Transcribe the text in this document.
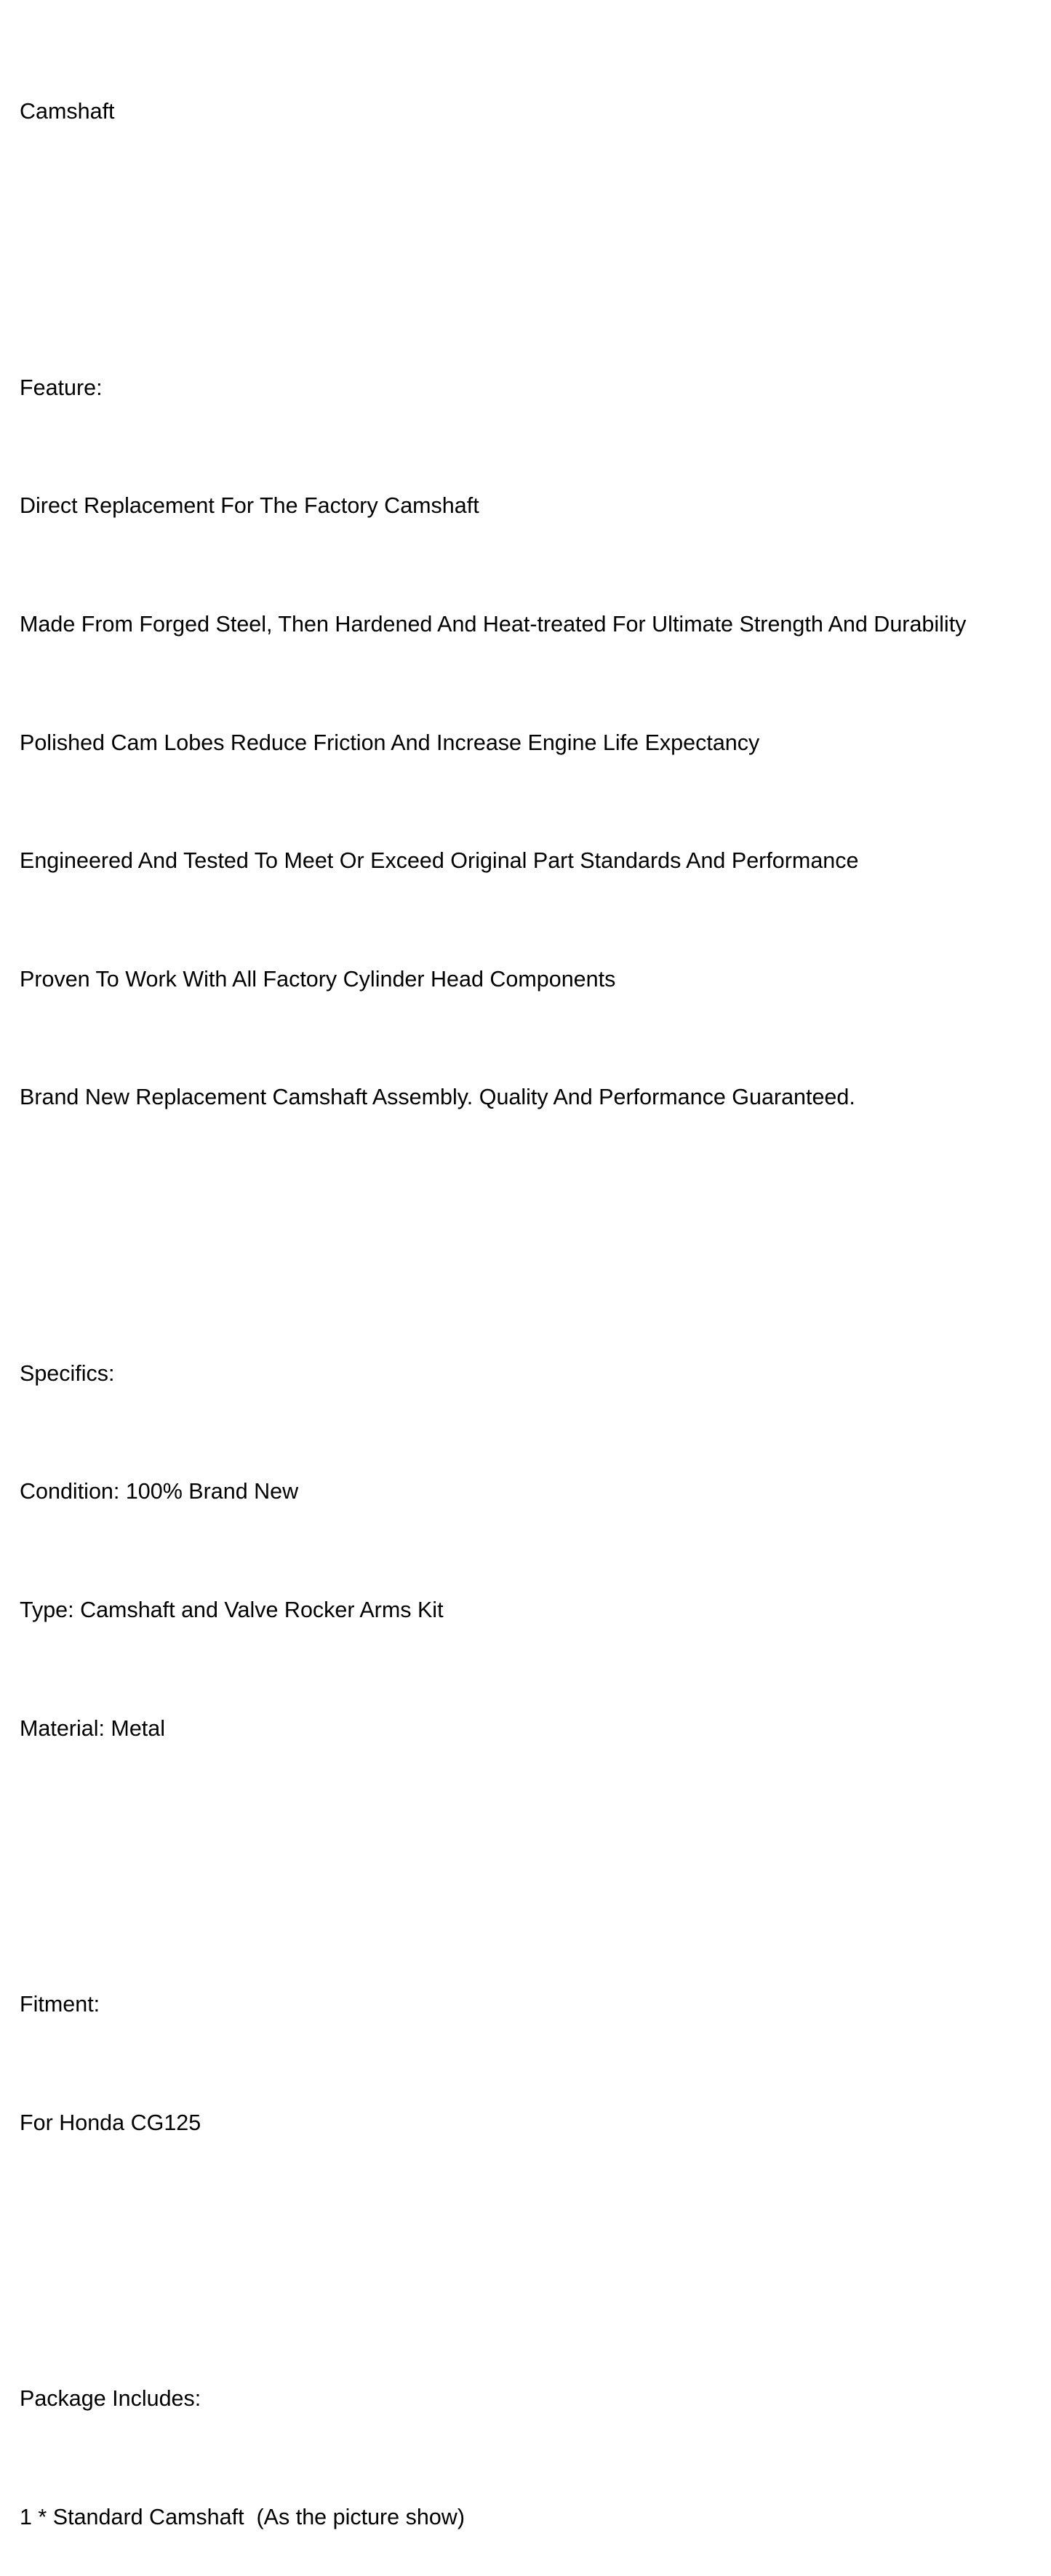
Camshaft

Feature:

Direct Replacement For The Factory Camshaft

Made From Forged Steel, Then Hardened And Heat-treated For Ultimate Strength And Durability

Polished Cam Lobes Reduce Friction And Increase Engine Life Expectancy

Engineered And Tested To Meet Or Exceed Original Part Standards And Performance

Proven To Work With All Factory Cylinder Head Components

Brand New Replacement Camshaft Assembly. Quality And Performance Guaranteed.

Specifics:

Condition: 100% Brand New

Type: Camshaft and Valve Rocker Arms Kit

Material: Metal

Fitment:

For Honda CG125

Package Includes:

1 * Standard Camshaft  (As the picture show)
